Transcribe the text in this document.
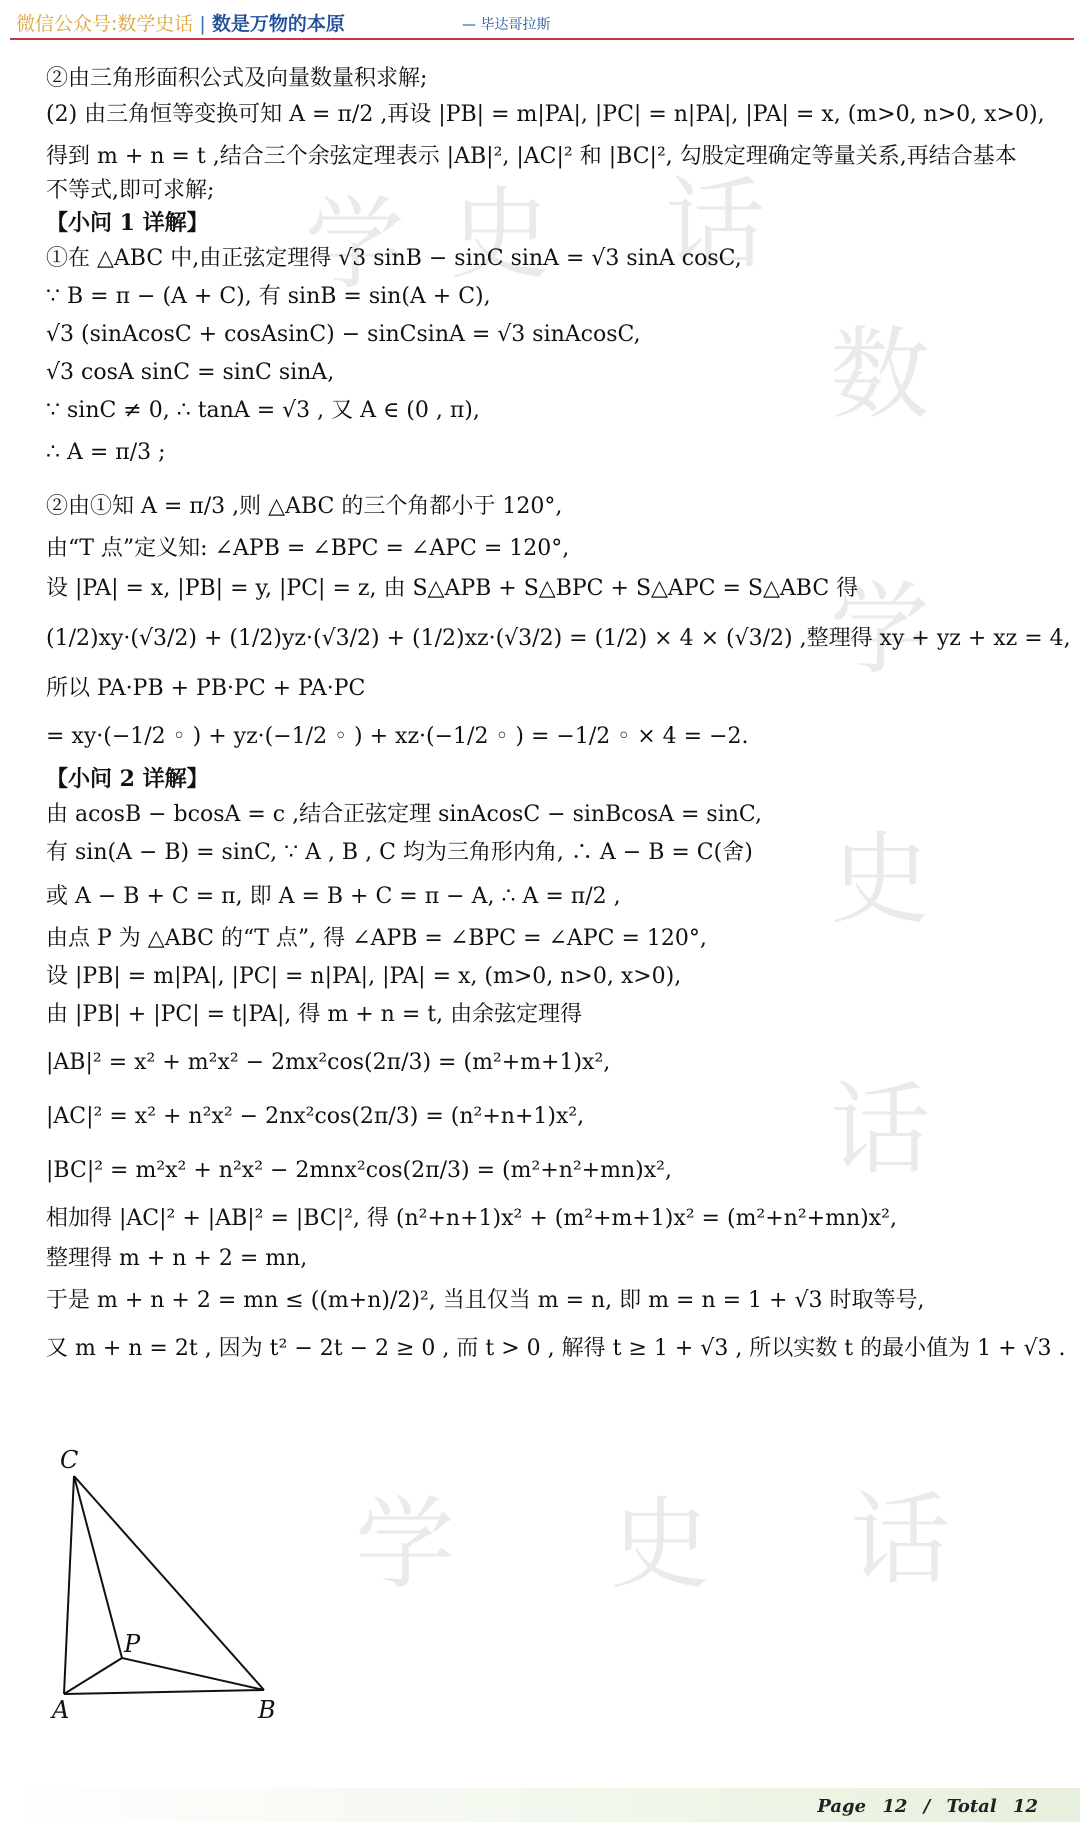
微信公众号:数学史话 | 数是万物的本原	— 毕达哥拉斯
学 史 话
数
学
史
话
学 史 话
②由三角形面积公式及向量数量积求解;
(2) 由三角恒等变换可知 A = π/2 ,再设 |PB| = m|PA|, |PC| = n|PA|, |PA| = x, (m>0, n>0, x>0),
得到 m + n = t ,结合三个余弦定理表示 |AB|², |AC|² 和 |BC|², 勾股定理确定等量关系,再结合基本
不等式,即可求解;
【小问 1 详解】
①在 △ABC 中,由正弦定理得 √3 sinB − sinC sinA = √3 sinA cosC,
∵ B = π − (A + C), 有 sinB = sin(A + C),
√3 (sinAcosC + cosAsinC) − sinCsinA = √3 sinAcosC,
√3 cosA sinC = sinC sinA,
∵ sinC ≠ 0, ∴ tanA = √3 , 又 A ∈ (0 , π),
∴ A = π/3 ;
②由①知 A = π/3 ,则 △ABC 的三个角都小于 120°,
由“T 点”定义知: ∠APB = ∠BPC = ∠APC = 120°,
设 |PA| = x, |PB| = y, |PC| = z, 由 S△APB + S△BPC + S△APC = S△ABC 得
(1/2)xy·(√3/2) + (1/2)yz·(√3/2) + (1/2)xz·(√3/2) = (1/2) × 4 × (√3/2) ,整理得 xy + yz + xz = 4,
所以 PA·PB + PB·PC + PA·PC
= xy·(−1/2 ◦ ) + yz·(−1/2 ◦ ) + xz·(−1/2 ◦ ) = −1/2 ◦ × 4 = −2.
【小问 2 详解】
由 acosB − bcosA = c ,结合正弦定理 sinAcosC − sinBcosA = sinC,
有 sin(A − B) = sinC, ∵ A , B , C 均为三角形内角, ∴ A − B = C(舍)
或 A − B + C = π, 即 A = B + C = π − A, ∴ A = π/2 ,
由点 P 为 △ABC 的“T 点”, 得 ∠APB = ∠BPC = ∠APC = 120°,
设 |PB| = m|PA|, |PC| = n|PA|, |PA| = x, (m>0, n>0, x>0),
由 |PB| + |PC| = t|PA|, 得 m + n = t, 由余弦定理得
|AB|² = x² + m²x² − 2mx²cos(2π/3) = (m²+m+1)x²,
|AC|² = x² + n²x² − 2nx²cos(2π/3) = (n²+n+1)x²,
|BC|² = m²x² + n²x² − 2mnx²cos(2π/3) = (m²+n²+mn)x²,
相加得 |AC|² + |AB|² = |BC|², 得 (n²+n+1)x² + (m²+m+1)x² = (m²+n²+mn)x²,
整理得 m + n + 2 = mn,
于是 m + n + 2 = mn ≤ ((m+n)/2)², 当且仅当 m = n, 即 m = n = 1 + √3 时取等号,
又 m + n = 2t , 因为 t² − 2t − 2 ≥ 0 , 而 t > 0 , 解得 t ≥ 1 + √3 , 所以实数 t 的最小值为 1 + √3 .
C
P
A	B
Page 12 / Total 12
